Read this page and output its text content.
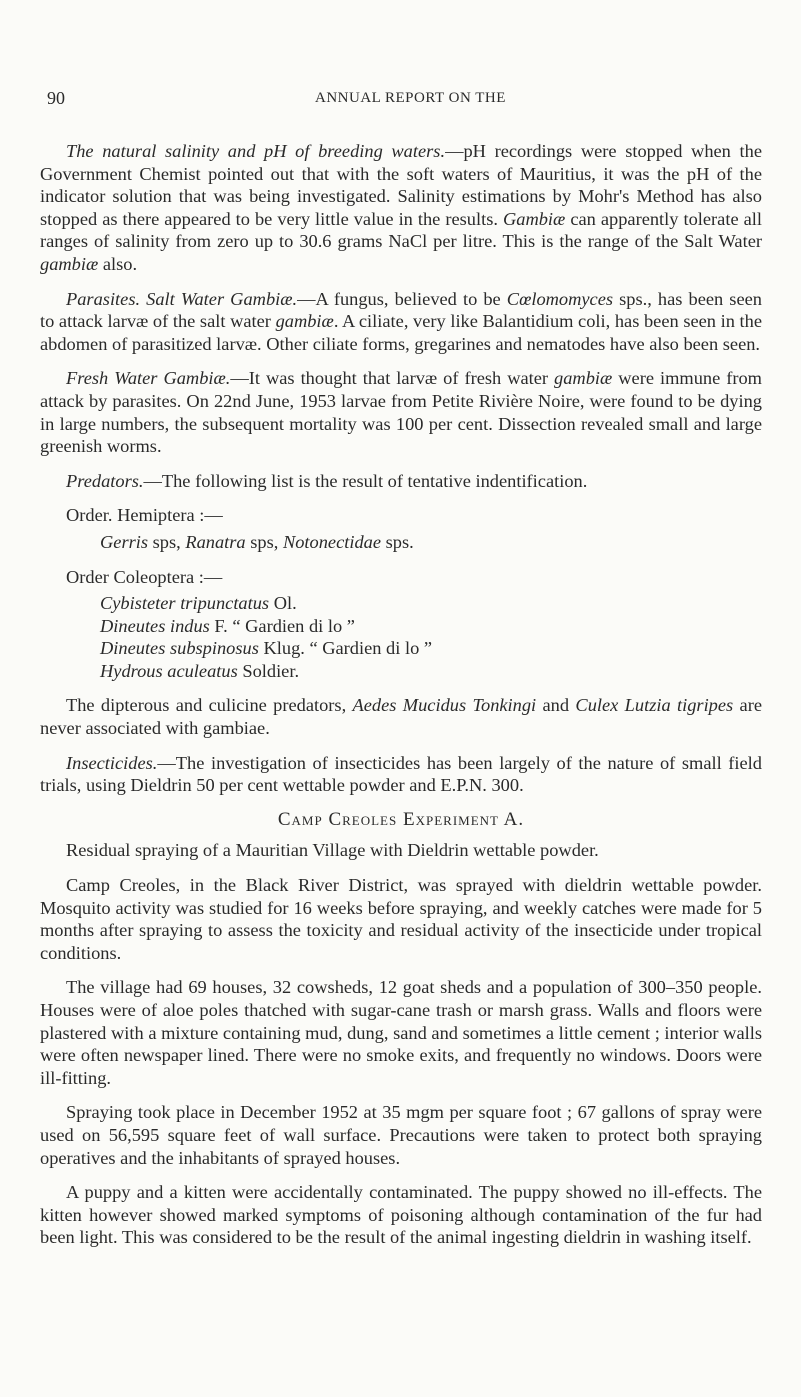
90	ANNUAL REPORT ON THE

The natural salinity and pH of breeding waters.—pH recordings were stopped when the Government Chemist pointed out that with the soft waters of Mauritius, it was the pH of the indicator solution that was being investigated. Salinity estimations by Mohr's Method has also stopped as there appeared to be very little value in the results. Gambiæ can apparently tolerate all ranges of salinity from zero up to 30.6 grams NaCl per litre. This is the range of the Salt Water gambiæ also.

Parasites. Salt Water Gambiæ.—A fungus, believed to be Cœlomomyces sps., has been seen to attack larvæ of the salt water gambiæ. A ciliate, very like Balantidium coli, has been seen in the abdomen of parasitized larvæ. Other ciliate forms, gregarines and nematodes have also been seen.

Fresh Water Gambiæ.—It was thought that larvæ of fresh water gambiæ were immune from attack by parasites. On 22nd June, 1953 larvae from Petite Rivière Noire, were found to be dying in large numbers, the subsequent mortality was 100 per cent. Dissection revealed small and large greenish worms.

Predators.—The following list is the result of tentative indentification.

Order. Hemiptera :—

Gerris sps, Ranatra sps, Notonectidae sps.

Order Coleoptera :—

Cybisteter tripunctatus Ol.

Dineutes indus F. “ Gardien di lo ”

Dineutes subspinosus Klug. “ Gardien di lo ”

Hydrous aculeatus Soldier.

The dipterous and culicine predators, Aedes Mucidus Tonkingi and Culex Lutzia tigripes are never associated with gambiae.

Insecticides.—The investigation of insecticides has been largely of the nature of small field trials, using Dieldrin 50 per cent wettable powder and E.P.N. 300.

Camp Creoles Experiment A.

Residual spraying of a Mauritian Village with Dieldrin wettable powder.

Camp Creoles, in the Black River District, was sprayed with dieldrin wettable powder. Mosquito activity was studied for 16 weeks before spraying, and weekly catches were made for 5 months after spraying to assess the toxicity and residual activity of the insecticide under tropical conditions.

The village had 69 houses, 32 cowsheds, 12 goat sheds and a population of 300–350 people. Houses were of aloe poles thatched with sugar-cane trash or marsh grass. Walls and floors were plastered with a mixture containing mud, dung, sand and sometimes a little cement ; interior walls were often newspaper lined. There were no smoke exits, and frequently no windows. Doors were ill-fitting.

Spraying took place in December 1952 at 35 mgm per square foot ; 67 gallons of spray were used on 56,595 square feet of wall surface. Precautions were taken to protect both spraying operatives and the inhabitants of sprayed houses.

A puppy and a kitten were accidentally contaminated. The puppy showed no ill-effects. The kitten however showed marked symptoms of poisoning although contamination of the fur had been light. This was considered to be the result of the animal ingesting dieldrin in washing itself.
